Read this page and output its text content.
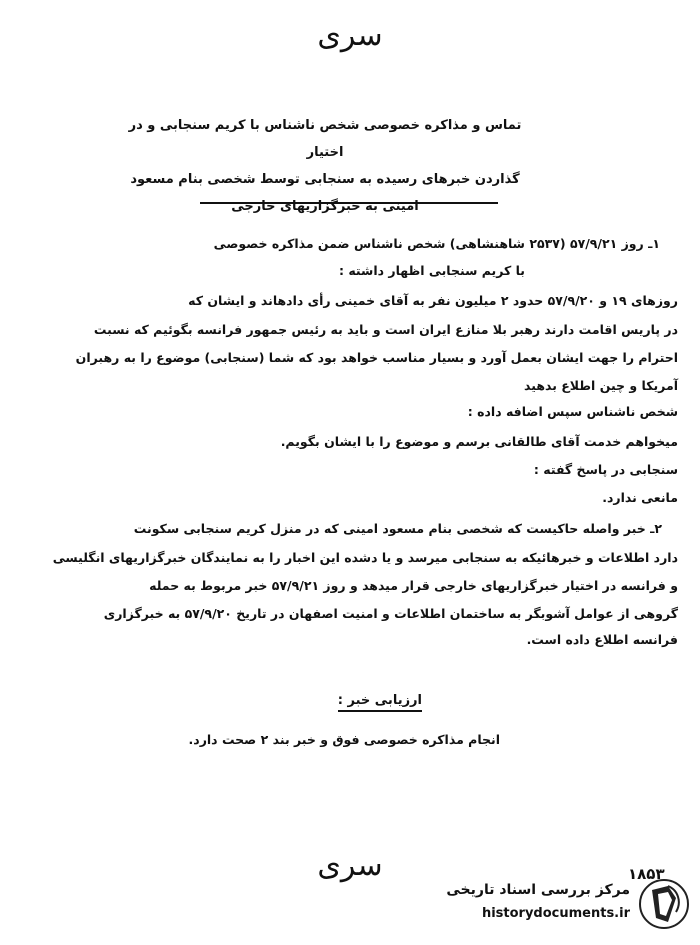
سری
تماس و مذاکره خصوصی شخص ناشناس با کریم سنجابی و در اختیار
گذاردن خبرهای رسیده به سنجابی توسط شخصی بنام مسعود
امینی به خبرگزاریهای خارجی
۱ـ روز ۵۷/۹/۲۱ (۲۵۳۷ شاهنشاهی) شخص ناشناس ضمن مذاکره خصوصی
با کریم سنجابی اظهار داشته :
روزهای ۱۹ و ۵۷/۹/۲۰ حدود ۲ میلیون نفر به آقای خمینی رأی دادهاند و ایشان که
در پاریس اقامت دارند رهبر بلا منازع ایران است و باید به رئیس جمهور فرانسه بگوئیم که نسبت
احترام را جهت ایشان بعمل آورد و بسیار مناسب خواهد بود که شما (سنجابی) موضوع را به رهبران
آمریکا و چین اطلاع بدهید
شخص ناشناس سپس اضافه داده :
میخواهم خدمت آقای طالقانی برسم و موضوع را با ایشان بگویم.
سنجابی در پاسخ گفته :
مانعی ندارد.
۲ـ خبر واصله حاکیست که شخصی بنام مسعود امینی که در منزل کریم سنجابی سکونت
دارد اطلاعات و خبرهائیکه به سنجابی میرسد و یا دشده این اخبار را به نمایندگان خبرگزاریهای انگلیسی
و فرانسه در اختیار خبرگزاریهای خارجی قرار میدهد و روز ۵۷/۹/۲۱ خبر مربوط به حمله
گروهی از عوامل آشوبگر به ساختمان اطلاعات و امنیت اصفهان در تاریخ ۵۷/۹/۲۰ به خبرگزاری
فرانسه اطلاع داده است.
ارزیابی خبر :
انجام مذاکره خصوصی فوق و خبر بند ۲ صحت دارد.
سری	۱۸۵۳
مرکز بررسی اسناد تاریخی
historydocuments.ir
